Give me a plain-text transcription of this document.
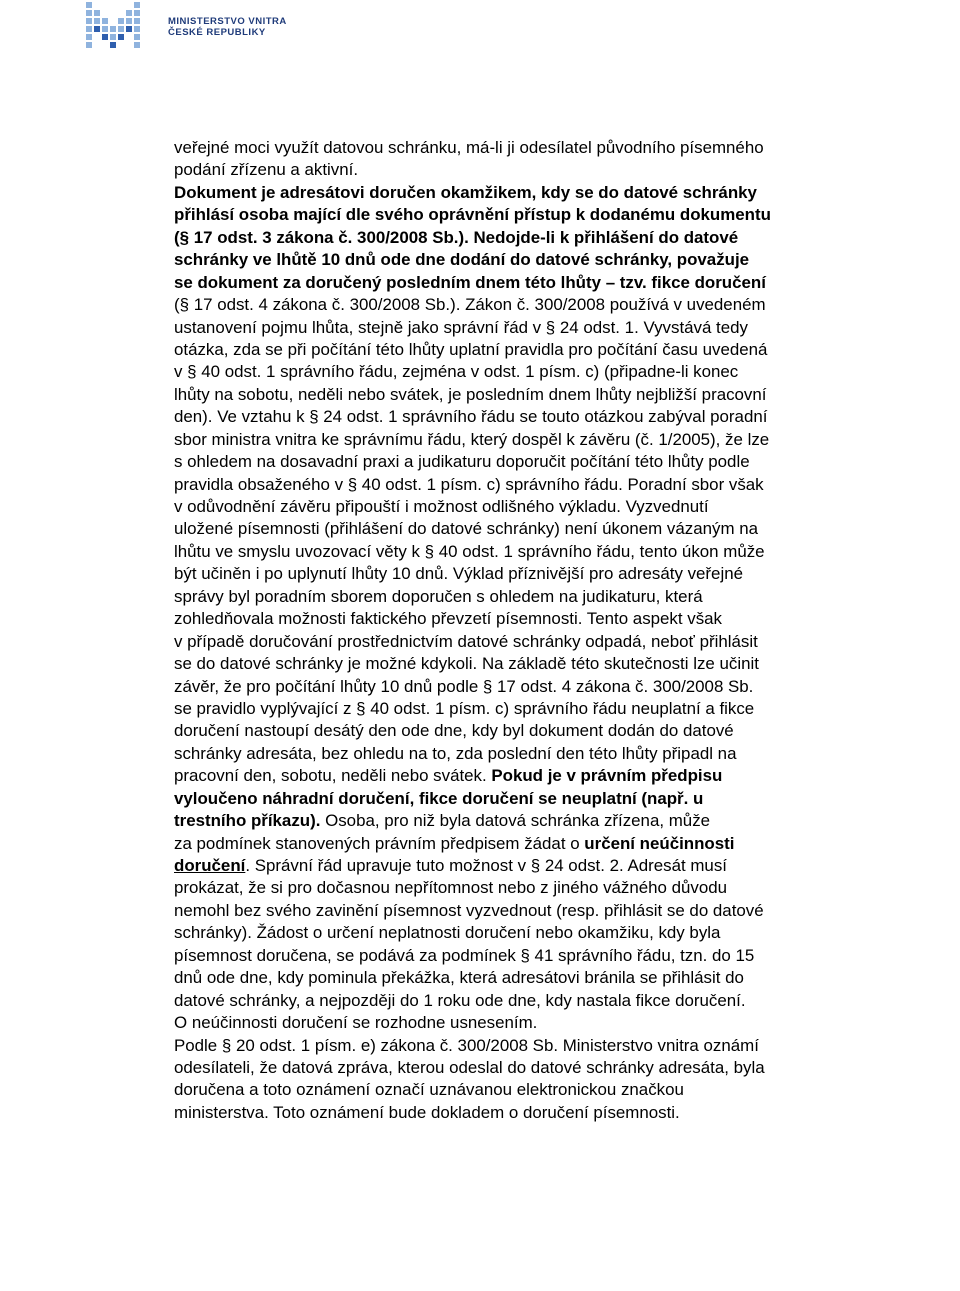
MINISTERSTVO VNITRA
ČESKÉ REPUBLIKY
veřejné moci využít datovou schránku, má-li ji odesílatel původního písemného
podání zřízenu a aktivní.
Dokument je adresátovi doručen okamžikem, kdy se do datové schránky
přihlásí osoba mající dle svého oprávnění přístup k dodanému dokumentu
(§ 17 odst. 3 zákona č. 300/2008 Sb.). Nedojde-li k přihlášení do datové
schránky ve lhůtě 10 dnů ode dne dodání do datové schránky, považuje
se dokument za doručený posledním dnem této lhůty – tzv. fikce doručení
(§ 17 odst. 4 zákona č. 300/2008 Sb.). Zákon č. 300/2008 používá v uvedeném
ustanovení pojmu lhůta, stejně jako správní řád v § 24 odst. 1. Vyvstává tedy
otázka, zda se při počítání této lhůty uplatní pravidla pro počítání času uvedená
v § 40 odst. 1 správního řádu, zejména v odst. 1 písm. c) (připadne-li konec
lhůty na sobotu, neděli nebo svátek, je posledním dnem lhůty nejbližší pracovní
den). Ve vztahu k § 24 odst. 1 správního řádu se touto otázkou zabýval poradní
sbor ministra vnitra ke správnímu řádu, který dospěl k závěru (č. 1/2005), že lze
s ohledem na dosavadní praxi a judikaturu doporučit počítání této lhůty podle
pravidla obsaženého v § 40 odst. 1 písm. c) správního řádu. Poradní sbor však
v odůvodnění závěru připouští i možnost odlišného výkladu. Vyzvednutí
uložené písemnosti (přihlášení do datové schránky) není úkonem vázaným na
lhůtu ve smyslu uvozovací věty k § 40 odst. 1 správního řádu, tento úkon může
být učiněn i po uplynutí lhůty 10 dnů. Výklad příznivější pro adresáty veřejné
správy byl poradním sborem doporučen s ohledem na judikaturu, která
zohledňovala možnosti faktického převzetí písemnosti. Tento aspekt však
v případě doručování prostřednictvím datové schránky odpadá, neboť přihlásit
se do datové schránky je možné kdykoli. Na základě této skutečnosti lze učinit
závěr, že pro počítání lhůty 10 dnů podle § 17 odst. 4 zákona č. 300/2008 Sb.
se pravidlo vyplývající z § 40 odst. 1 písm. c) správního řádu neuplatní a fikce
doručení nastoupí desátý den ode dne, kdy byl dokument dodán do datové
schránky adresáta, bez ohledu na to, zda poslední den této lhůty připadl na
pracovní den, sobotu, neděli nebo svátek. Pokud je v právním předpisu
vyloučeno náhradní doručení, fikce doručení se neuplatní (např. u
trestního příkazu). Osoba, pro niž byla datová schránka zřízena, může
za podmínek stanovených právním předpisem žádat o určení neúčinnosti
doručení. Správní řád upravuje tuto možnost v § 24 odst. 2. Adresát musí
prokázat, že si pro dočasnou nepřítomnost nebo z jiného vážného důvodu
nemohl bez svého zavinění písemnost vyzvednout (resp. přihlásit se do datové
schránky). Žádost o určení neplatnosti doručení nebo okamžiku, kdy byla
písemnost doručena, se podává za podmínek § 41 správního řádu, tzn. do 15
dnů ode dne, kdy pominula překážka, která adresátovi bránila se přihlásit do
datové schránky, a nejpozději do 1 roku ode dne, kdy nastala fikce doručení.
O neúčinnosti doručení se rozhodne usnesením.
Podle § 20 odst. 1 písm. e) zákona č. 300/2008 Sb. Ministerstvo vnitra oznámí
odesílateli, že datová zpráva, kterou odeslal do datové schránky adresáta, byla
doručena a toto oznámení označí uznávanou elektronickou značkou
ministerstva. Toto oznámení bude dokladem o doručení písemnosti.
